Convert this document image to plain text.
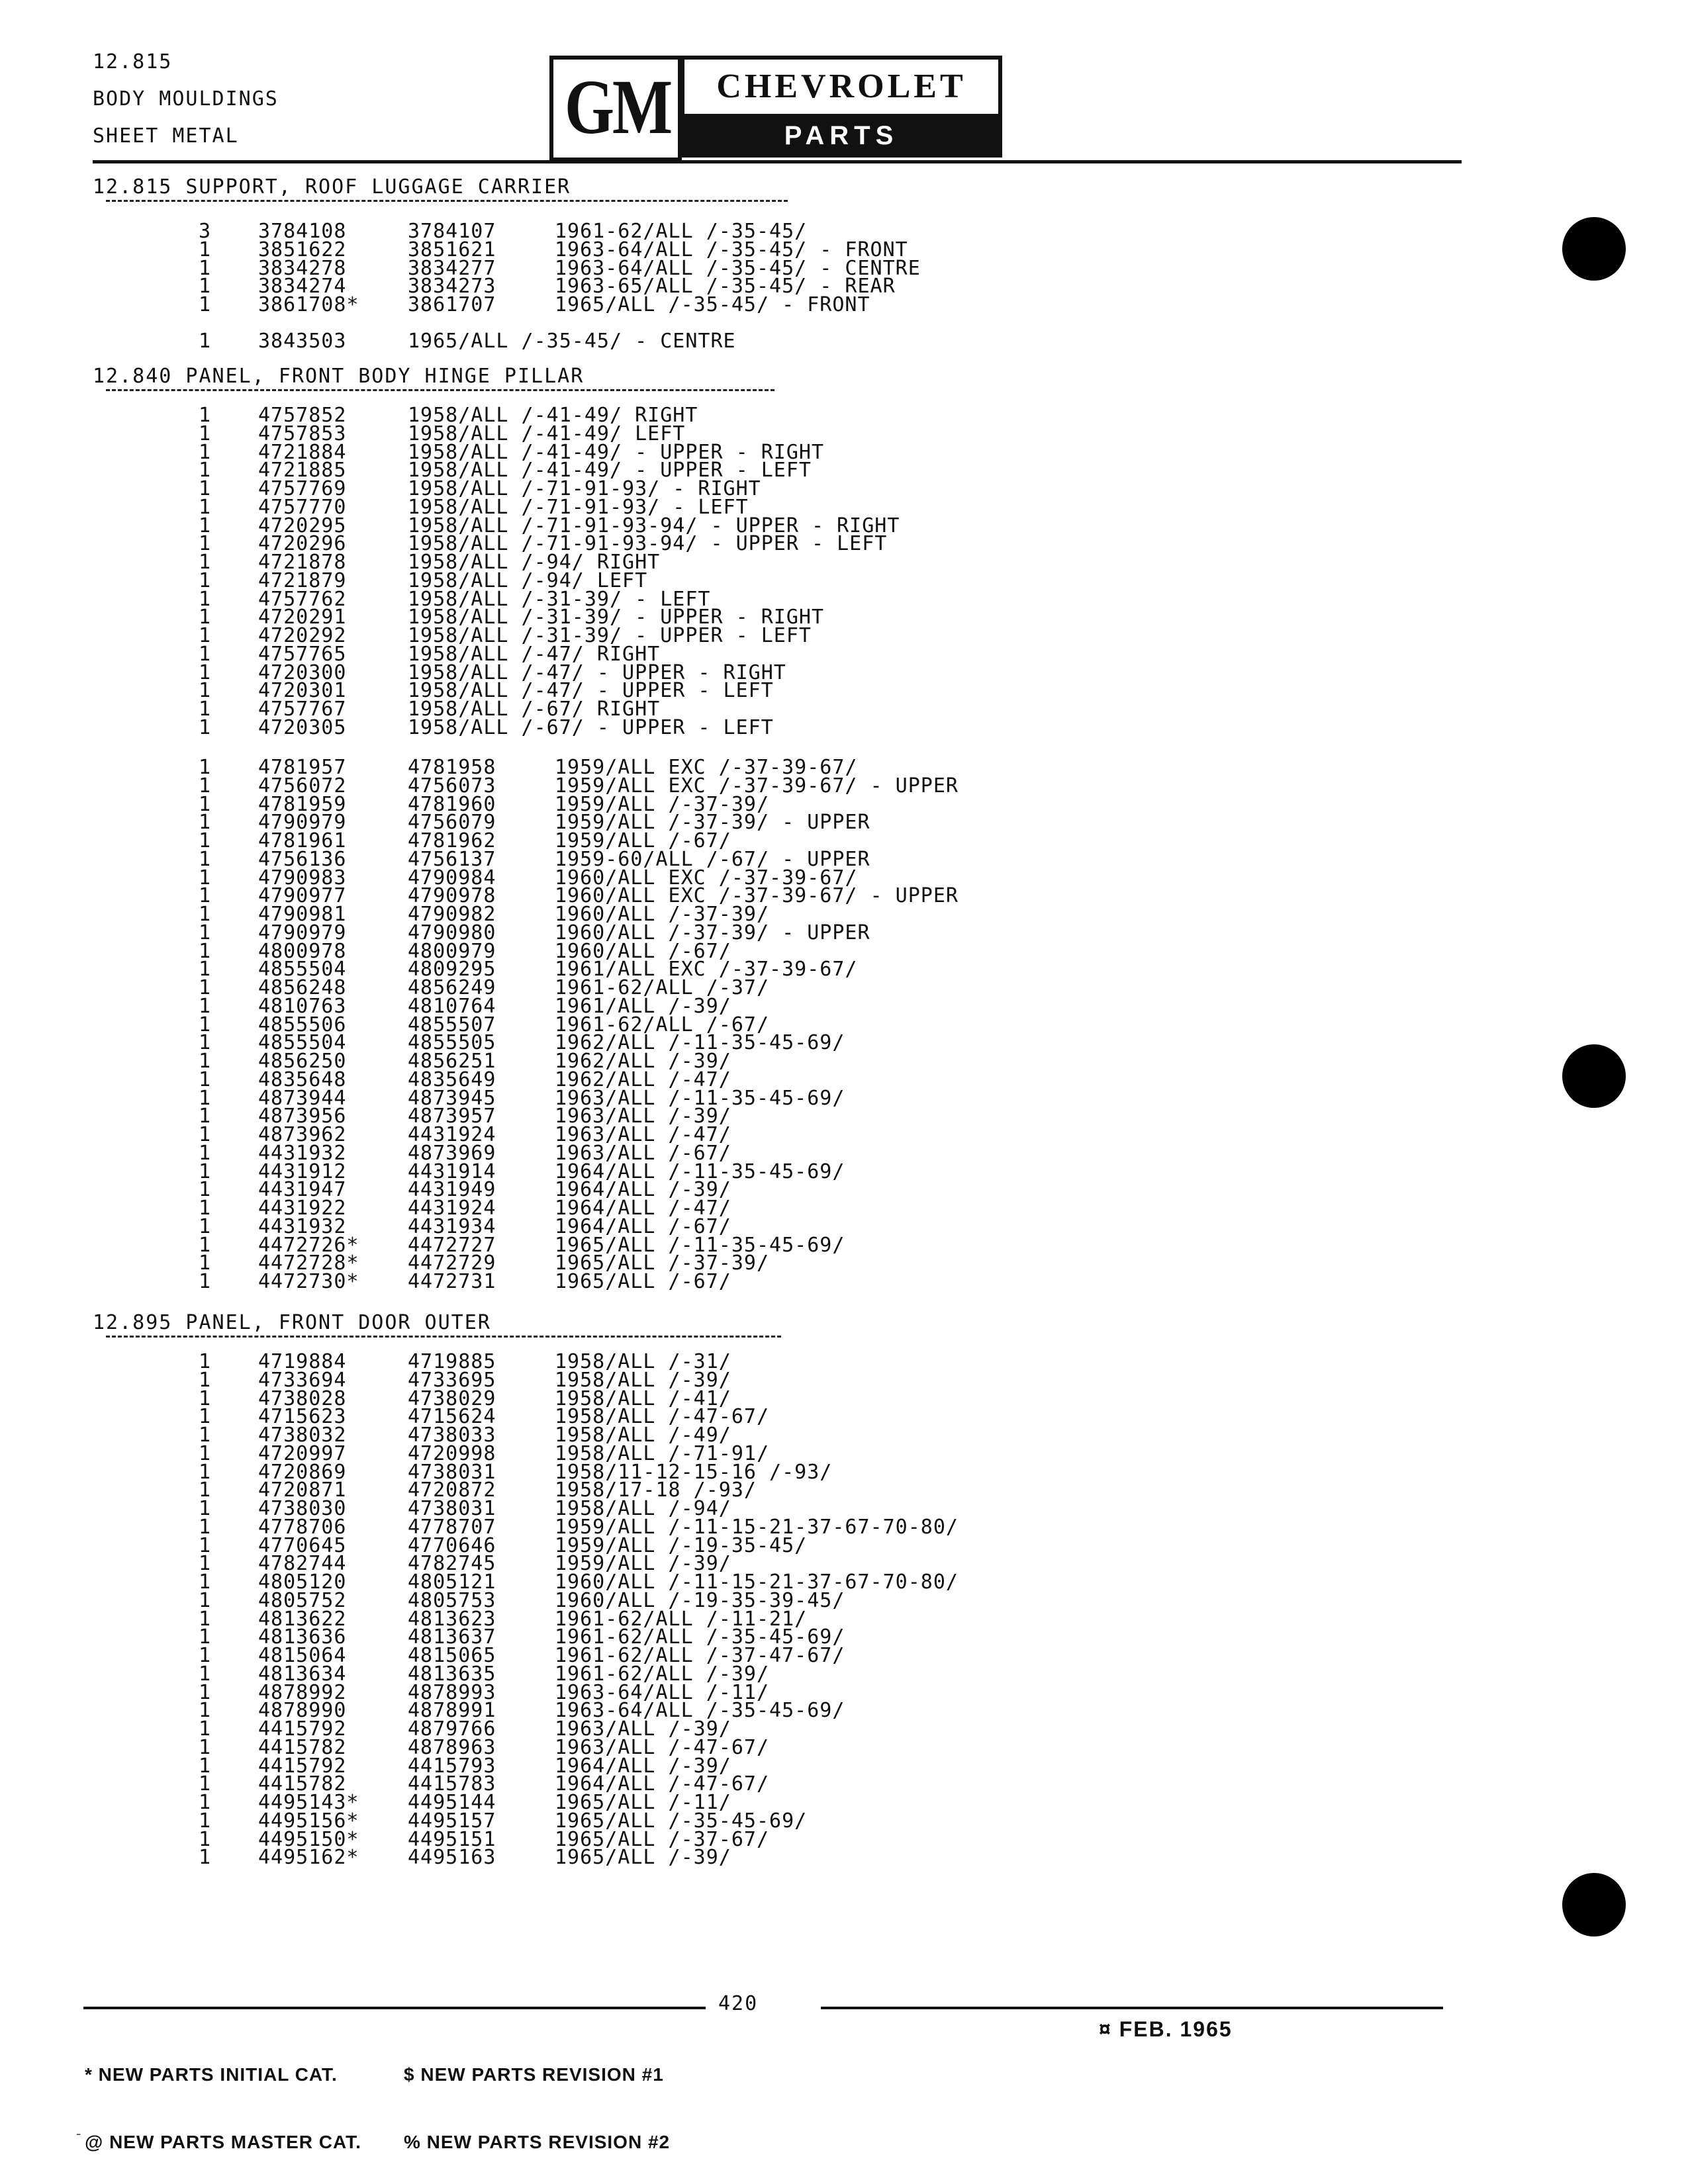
12.815
BODY MOULDINGS
SHEET METAL	GM	CHEVROLET
PARTS CATALOGUE
12.815 SUPPORT, ROOF LUGGAGE CARRIER
3 3784108	3784107	1961-62/ALL /-35-45/
1 3851622	3851621	1963-64/ALL /-35-45/ - FRONT
1 3834278	3834277	1963-64/ALL /-35-45/ - CENTRE
1 3834274	3834273	1963-65/ALL /-35-45/ - REAR
1 3861708* 3861707	1965/ALL /-35-45/ - FRONT
1 3843503	1965/ALL /-35-45/ - CENTRE
12.840 PANEL, FRONT BODY HINGE PILLAR
1 4757852	1958/ALL /-41-49/ RIGHT
1 4757853	1958/ALL /-41-49/ LEFT
1 4721884	1958/ALL /-41-49/ - UPPER - RIGHT
1 4721885	1958/ALL /-41-49/ - UPPER - LEFT
1 4757769	1958/ALL /-71-91-93/ - RIGHT
1 4757770	1958/ALL /-71-91-93/ - LEFT
1 4720295	1958/ALL /-71-91-93-94/ - UPPER - RIGHT
1 4720296	1958/ALL /-71-91-93-94/ - UPPER - LEFT
1 4721878	1958/ALL /-94/ RIGHT
1 4721879	1958/ALL /-94/ LEFT
1 4757762	1958/ALL /-31-39/ - LEFT
1 4720291	1958/ALL /-31-39/ - UPPER - RIGHT
1 4720292	1958/ALL /-31-39/ - UPPER - LEFT
1 4757765	1958/ALL /-47/ RIGHT
1 4720300	1958/ALL /-47/ - UPPER - RIGHT
1 4720301	1958/ALL /-47/ - UPPER - LEFT
1 4757767	1958/ALL /-67/ RIGHT
1 4720305	1958/ALL /-67/ - UPPER - LEFT
1 4781957	4781958	1959/ALL EXC /-37-39-67/
1 4756072	4756073	1959/ALL EXC /-37-39-67/ - UPPER
1 4781959	4781960	1959/ALL /-37-39/
1 4790979	4756079	1959/ALL /-37-39/ - UPPER
1 4781961	4781962	1959/ALL /-67/
1 4756136	4756137	1959-60/ALL /-67/ - UPPER
1 4790983	4790984	1960/ALL EXC /-37-39-67/
1 4790977	4790978	1960/ALL EXC /-37-39-67/ - UPPER
1 4790981	4790982	1960/ALL /-37-39/
1 4790979	4790980	1960/ALL /-37-39/ - UPPER
1 4800978	4800979	1960/ALL /-67/
1 4855504	4809295	1961/ALL EXC /-37-39-67/
1 4856248	4856249	1961-62/ALL /-37/
1 4810763	4810764	1961/ALL /-39/
1 4855506	4855507	1961-62/ALL /-67/
1 4855504	4855505	1962/ALL /-11-35-45-69/
1 4856250	4856251	1962/ALL /-39/
1 4835648	4835649	1962/ALL /-47/
1 4873944	4873945	1963/ALL /-11-35-45-69/
1 4873956	4873957	1963/ALL /-39/
1 4873962	4431924	1963/ALL /-47/
1 4431932	4873969	1963/ALL /-67/
1 4431912	4431914	1964/ALL /-11-35-45-69/
1 4431947	4431949	1964/ALL /-39/
1 4431922	4431924	1964/ALL /-47/
1 4431932	4431934	1964/ALL /-67/
1 4472726* 4472727	1965/ALL /-11-35-45-69/
1 4472728* 4472729	1965/ALL /-37-39/
1 4472730* 4472731	1965/ALL /-67/
12.895 PANEL, FRONT DOOR OUTER
1 4719884	4719885	1958/ALL /-31/
1 4733694	4733695	1958/ALL /-39/
1 4738028	4738029	1958/ALL /-41/
1 4715623	4715624	1958/ALL /-47-67/
1 4738032	4738033	1958/ALL /-49/
1 4720997	4720998	1958/ALL /-71-91/
1 4720869	4738031	1958/11-12-15-16 /-93/
1 4720871	4720872	1958/17-18 /-93/
1 4738030	4738031	1958/ALL /-94/
1 4778706	4778707	1959/ALL /-11-15-21-37-67-70-80/
1 4770645	4770646	1959/ALL /-19-35-45/
1 4782744	4782745	1959/ALL /-39/
1 4805120	4805121	1960/ALL /-11-15-21-37-67-70-80/
1 4805752	4805753	1960/ALL /-19-35-39-45/
1 4813622	4813623	1961-62/ALL /-11-21/
1 4813636	4813637	1961-62/ALL /-35-45-69/
1 4815064	4815065	1961-62/ALL /-37-47-67/
1 4813634	4813635	1961-62/ALL /-39/
1 4878992	4878993	1963-64/ALL /-11/
1 4878990	4878991	1963-64/ALL /-35-45-69/
1 4415792	4879766	1963/ALL /-39/
1 4415782	4878963	1963/ALL /-47-67/
1 4415792	4415793	1964/ALL /-39/
1 4415782	4415783	1964/ALL /-47-67/
1 4495143* 4495144	1965/ALL /-11/
1 4495156* 4495157	1965/ALL /-35-45-69/
1 4495150* 4495151	1965/ALL /-37-67/
1 4495162* 4495163	1965/ALL /-39/
420

* NEW PARTS INITIAL CAT.

@ NEW PARTS MASTER CAT.

$ NEW PARTS REVISION #1

% NEW PARTS REVISION #2

¤ FEB. 1965
-
